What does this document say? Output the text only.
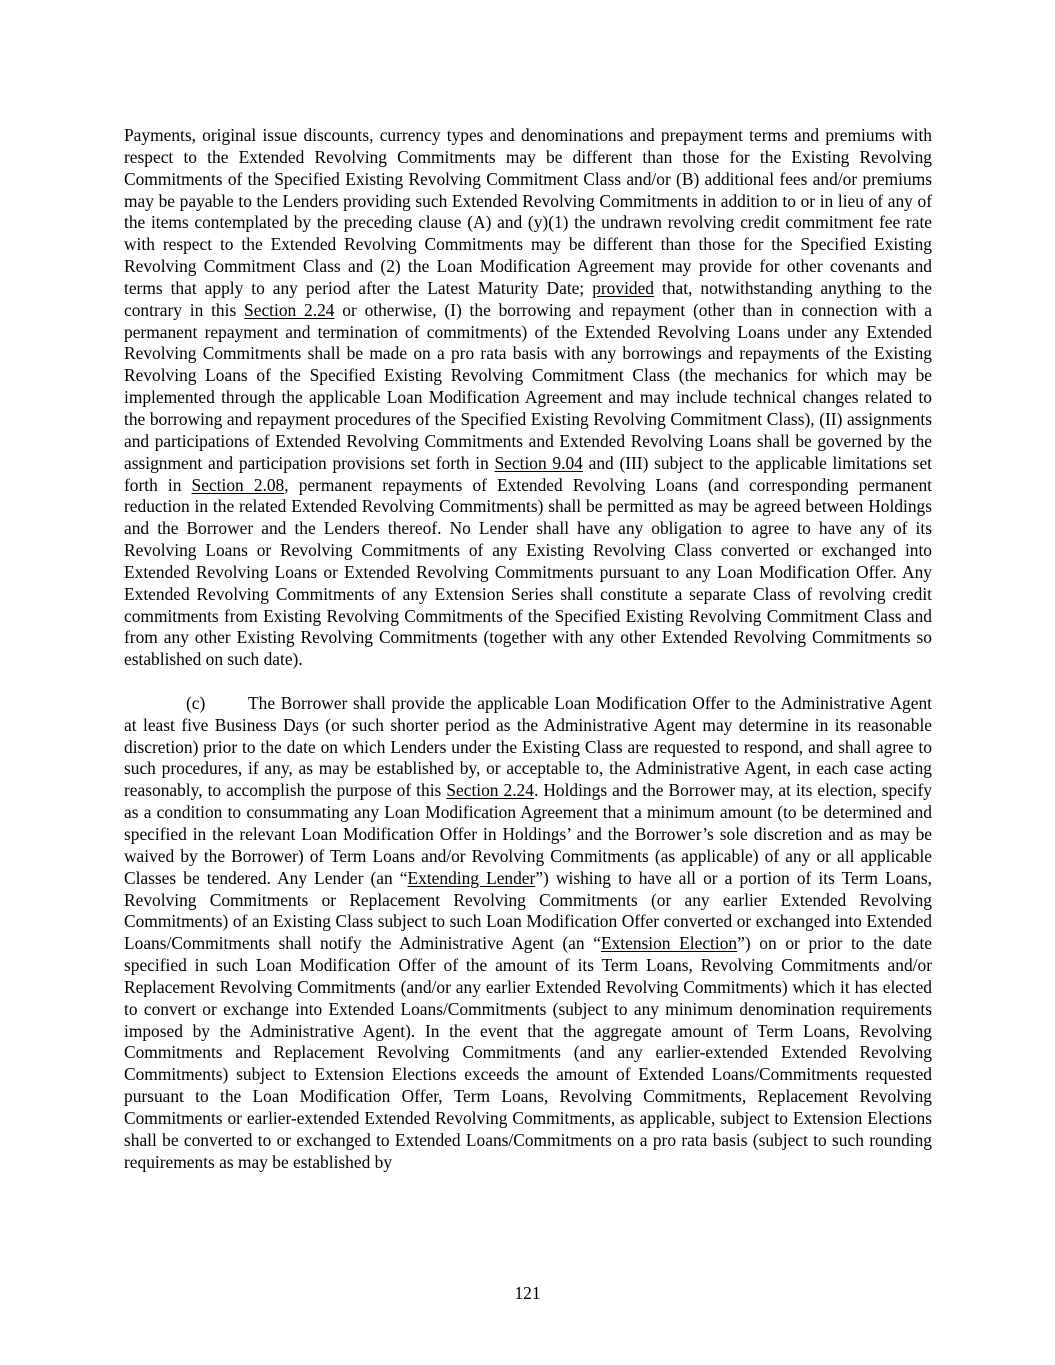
Payments, original issue discounts, currency types and denominations and prepayment terms and premiums with respect to the Extended Revolving Commitments may be different than those for the Existing Revolving Commitments of the Specified Existing Revolving Commitment Class and/or (B) additional fees and/or premiums may be payable to the Lenders providing such Extended Revolving Commitments in addition to or in lieu of any of the items contemplated by the preceding clause (A) and (y)(1) the undrawn revolving credit commitment fee rate with respect to the Extended Revolving Commitments may be different than those for the Specified Existing Revolving Commitment Class and (2) the Loan Modification Agreement may provide for other covenants and terms that apply to any period after the Latest Maturity Date; provided that, notwithstanding anything to the contrary in this Section 2.24 or otherwise, (I) the borrowing and repayment (other than in connection with a permanent repayment and termination of commitments) of the Extended Revolving Loans under any Extended Revolving Commitments shall be made on a pro rata basis with any borrowings and repayments of the Existing Revolving Loans of the Specified Existing Revolving Commitment Class (the mechanics for which may be implemented through the applicable Loan Modification Agreement and may include technical changes related to the borrowing and repayment procedures of the Specified Existing Revolving Commitment Class), (II) assignments and participations of Extended Revolving Commitments and Extended Revolving Loans shall be governed by the assignment and participation provisions set forth in Section 9.04 and (III) subject to the applicable limitations set forth in Section 2.08, permanent repayments of Extended Revolving Loans (and corresponding permanent reduction in the related Extended Revolving Commitments) shall be permitted as may be agreed between Holdings and the Borrower and the Lenders thereof. No Lender shall have any obligation to agree to have any of its Revolving Loans or Revolving Commitments of any Existing Revolving Class converted or exchanged into Extended Revolving Loans or Extended Revolving Commitments pursuant to any Loan Modification Offer. Any Extended Revolving Commitments of any Extension Series shall constitute a separate Class of revolving credit commitments from Existing Revolving Commitments of the Specified Existing Revolving Commitment Class and from any other Existing Revolving Commitments (together with any other Extended Revolving Commitments so established on such date).

(c) The Borrower shall provide the applicable Loan Modification Offer to the Administrative Agent at least five Business Days (or such shorter period as the Administrative Agent may determine in its reasonable discretion) prior to the date on which Lenders under the Existing Class are requested to respond, and shall agree to such procedures, if any, as may be established by, or acceptable to, the Administrative Agent, in each case acting reasonably, to accomplish the purpose of this Section 2.24. Holdings and the Borrower may, at its election, specify as a condition to consummating any Loan Modification Agreement that a minimum amount (to be determined and specified in the relevant Loan Modification Offer in Holdings’ and the Borrower’s sole discretion and as may be waived by the Borrower) of Term Loans and/or Revolving Commitments (as applicable) of any or all applicable Classes be tendered. Any Lender (an “Extending Lender”) wishing to have all or a portion of its Term Loans, Revolving Commitments or Replacement Revolving Commitments (or any earlier Extended Revolving Commitments) of an Existing Class subject to such Loan Modification Offer converted or exchanged into Extended Loans/Commitments shall notify the Administrative Agent (an “Extension Election”) on or prior to the date specified in such Loan Modification Offer of the amount of its Term Loans, Revolving Commitments and/or Replacement Revolving Commitments (and/or any earlier Extended Revolving Commitments) which it has elected to convert or exchange into Extended Loans/Commitments (subject to any minimum denomination requirements imposed by the Administrative Agent). In the event that the aggregate amount of Term Loans, Revolving Commitments and Replacement Revolving Commitments (and any earlier-extended Extended Revolving Commitments) subject to Extension Elections exceeds the amount of Extended Loans/Commitments requested pursuant to the Loan Modification Offer, Term Loans, Revolving Commitments, Replacement Revolving Commitments or earlier-extended Extended Revolving Commitments, as applicable, subject to Extension Elections shall be converted to or exchanged to Extended Loans/Commitments on a pro rata basis (subject to such rounding requirements as may be established by

121
